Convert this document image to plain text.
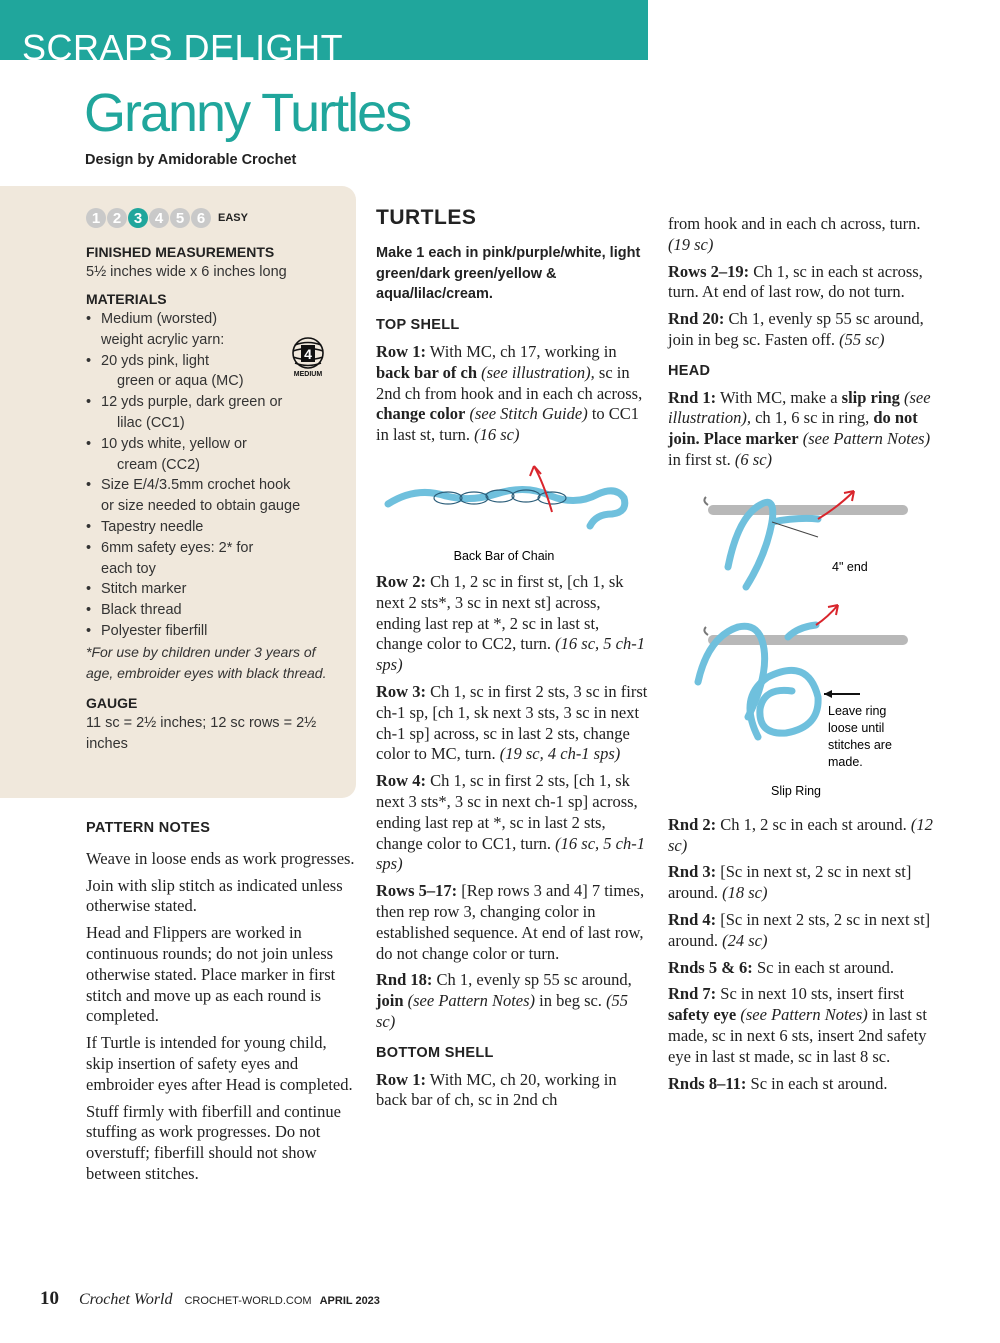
SCRAPS DELIGHT
Granny Turtles
Design by Amidorable Crochet
1 2 3 4 5 6	EASY
FINISHED MEASUREMENTS
5½ inches wide x 6 inches long
MATERIALS
• Medium (worsted)
weight acrylic yarn:
• 20 yds pink, light
green or aqua (MC)
• 12 yds purple, dark green or
lilac (CC1)
• 10 yds white, yellow or
cream (CC2)
• Size E/4/3.5mm crochet hook
or size needed to obtain gauge
• Tapestry needle
• 6mm safety eyes: 2* for
each toy
• Stitch marker
• Black thread
• Polyester fiberfill
*For use by children under 3 years of age, embroider eyes with black thread.
GAUGE
11 sc = 2½ inches; 12 sc rows = 2½ inches
4
MEDIUM
PATTERN NOTES

Weave in loose ends as work progresses.

Join with slip stitch as indicated unless otherwise stated.

Head and Flippers are worked in continuous rounds; do not join unless otherwise stated. Place marker in first stitch and move up as each round is completed.

If Turtle is intended for young child, skip insertion of safety eyes and embroider eyes after Head is completed.

Stuff firmly with fiberfill and continue stuffing as work progresses. Do not overstuff; fiberfill should not show between stitches.

TURTLES
Make 1 each in pink/purple/white, light green/dark green/yellow & aqua/lilac/cream.
TOP SHELL

Row 1: With MC, ch 17, working in back bar of ch (see illustration), sc in 2nd ch from hook and in each ch across, change color (see Stitch Guide) to CC1 in last st, turn. (16 sc)

Back Bar of Chain

Row 2: Ch 1, 2 sc in first st, [ch 1, sk next 2 sts*, 3 sc in next st] across, ending last rep at *, 2 sc in last st, change color to CC2, turn. (16 sc, 5 ch-1 sps)

Row 3: Ch 1, sc in first 2 sts, 3 sc in first ch-1 sp, [ch 1, sk next 3 sts, 3 sc in next ch-1 sp] across, sc in last 2 sts, change color to MC, turn. (19 sc, 4 ch-1 sps)

Row 4: Ch 1, sc in first 2 sts, [ch 1, sk next 3 sts*, 3 sc in next ch-1 sp] across, ending last rep at *, sc in last 2 sts, change color to CC1, turn. (16 sc, 5 ch-1 sps)

Rows 5–17: [Rep rows 3 and 4] 7 times, then rep row 3, changing color in established sequence. At end of last row, do not change color or turn.

Rnd 18: Ch 1, evenly sp 55 sc around, join (see Pattern Notes) in beg sc. (55 sc)

BOTTOM SHELL

Row 1: With MC, ch 20, working in back bar of ch, sc in 2nd ch

from hook and in each ch across, turn. (19 sc)

Rows 2–19: Ch 1, sc in each st across, turn. At end of last row, do not turn.

Rnd 20: Ch 1, evenly sp 55 sc around, join in beg sc. Fasten off. (55 sc)

HEAD

Rnd 1: With MC, make a slip ring (see illustration), ch 1, 6 sc in ring, do not join. Place marker (see Pattern Notes) in first st. (6 sc)

4" end
Leave ring
loose until
stitches are
made.
Slip Ring

Rnd 2: Ch 1, 2 sc in each st around. (12 sc)

Rnd 3: [Sc in next st, 2 sc in next st] around. (18 sc)

Rnd 4: [Sc in next 2 sts, 2 sc in next st] around. (24 sc)

Rnds 5 & 6: Sc in each st around.

Rnd 7: Sc in next 10 sts, insert first safety eye (see Pattern Notes) in last st made, sc in next 6 sts, insert 2nd safety eye in last st made, sc in last 8 sc.

Rnds 8–11: Sc in each st around.

10 Crochet World CROCHET-WORLD.COM APRIL 2023
